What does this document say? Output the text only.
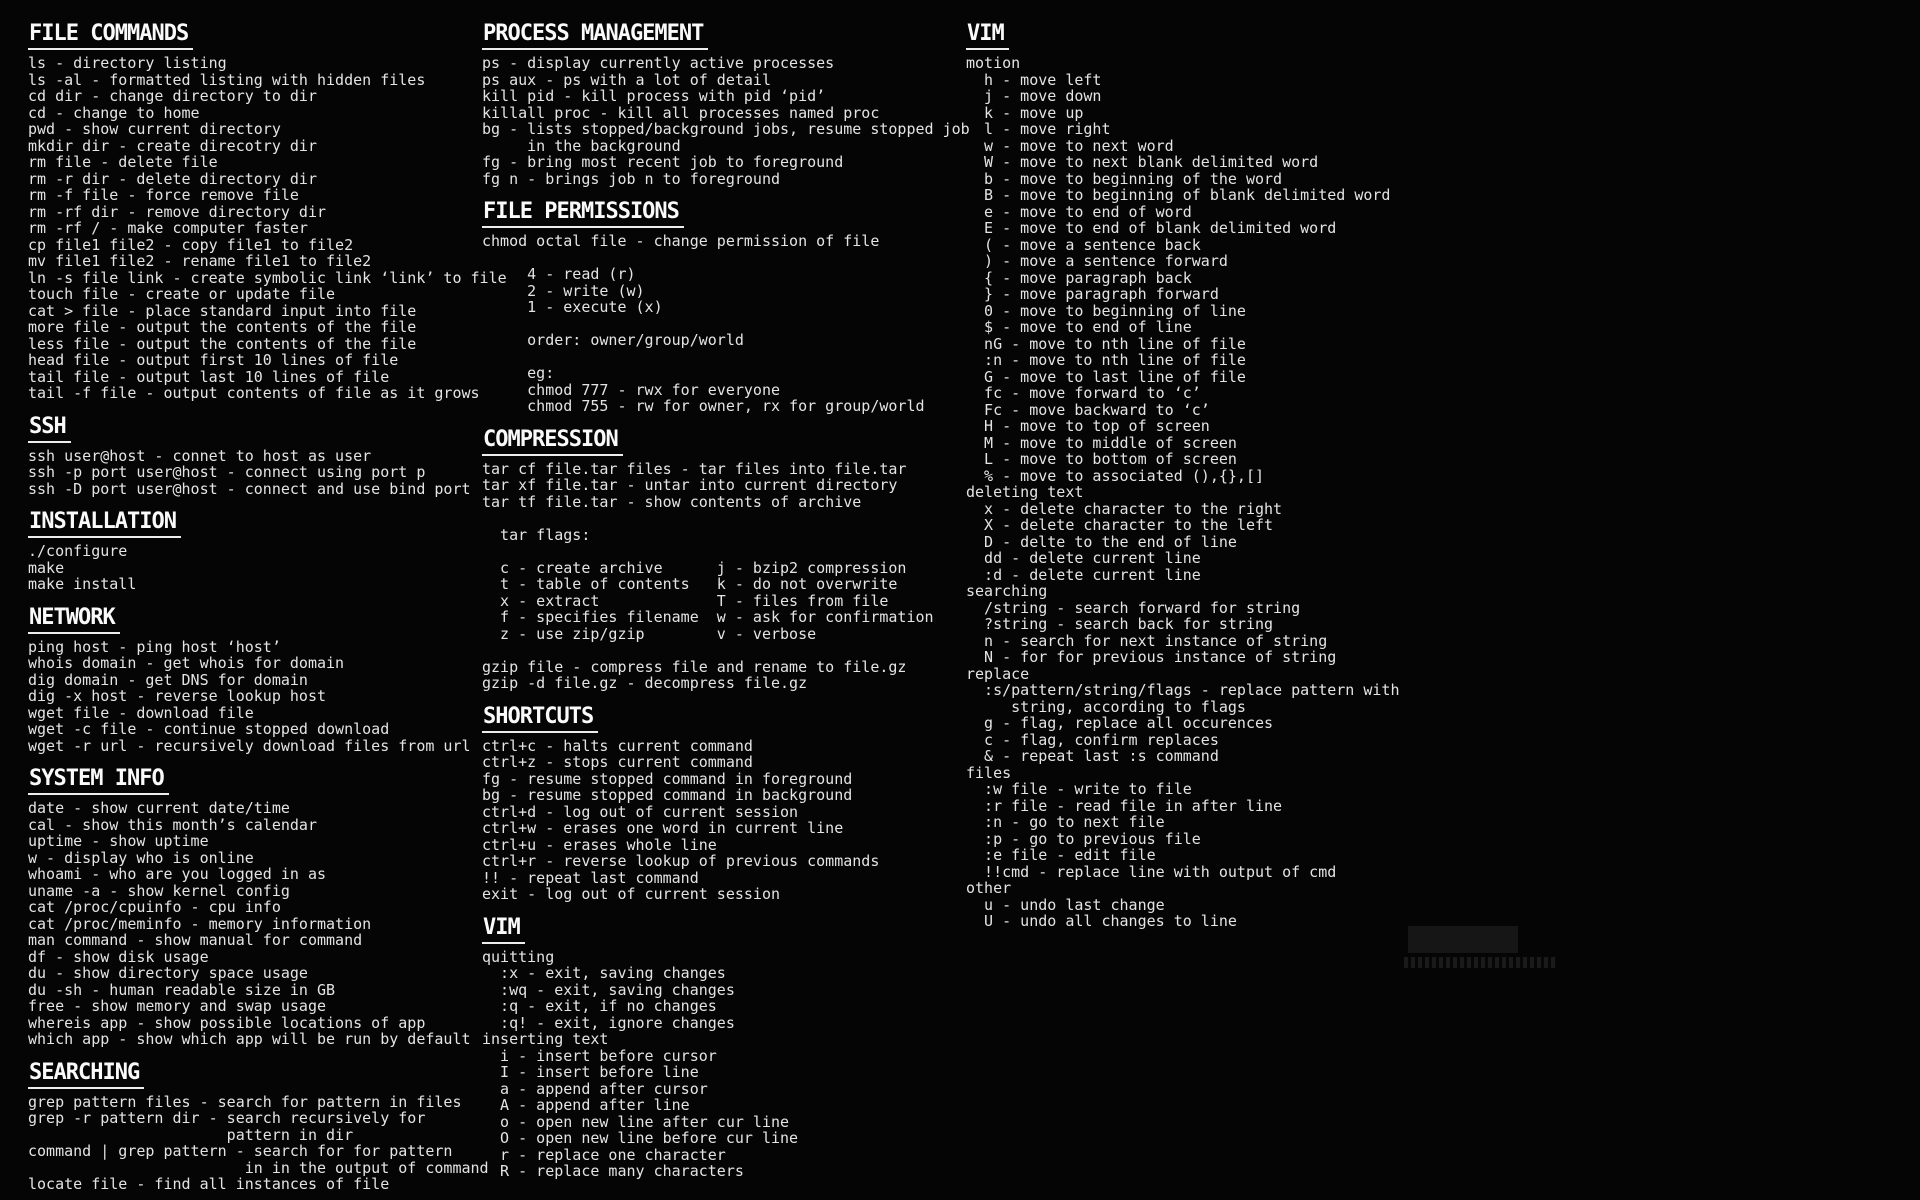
FILE COMMANDS
ls - directory listing
ls -al - formatted listing with hidden files
cd dir - change directory to dir
cd - change to home
pwd - show current directory
mkdir dir - create direcotry dir
rm file - delete file
rm -r dir - delete directory dir
rm -f file - force remove file
rm -rf dir - remove directory dir
rm -rf / - make computer faster
cp file1 file2 - copy file1 to file2
mv file1 file2 - rename file1 to file2
ln -s file link - create symbolic link ‘link’ to file
touch file - create or update file
cat > file - place standard input into file
more file - output the contents of the file
less file - output the contents of the file
head file - output first 10 lines of file
tail file - output last 10 lines of file
tail -f file - output contents of file as it grows
SSH
ssh user@host - connet to host as user
ssh -p port user@host - connect using port p
ssh -D port user@host - connect and use bind port
INSTALLATION
./configure
make
make install
NETWORK
ping host - ping host ‘host’
whois domain - get whois for domain
dig domain - get DNS for domain
dig -x host - reverse lookup host
wget file - download file
wget -c file - continue stopped download
wget -r url - recursively download files from url
SYSTEM INFO
date - show current date/time
cal - show this month’s calendar
uptime - show uptime
w - display who is online
whoami - who are you logged in as
uname -a - show kernel config
cat /proc/cpuinfo - cpu info
cat /proc/meminfo - memory information
man command - show manual for command
df - show disk usage
du - show directory space usage
du -sh - human readable size in GB
free - show memory and swap usage
whereis app - show possible locations of app
which app - show which app will be run by default
SEARCHING
grep pattern files - search for pattern in files
grep -r pattern dir - search recursively for
pattern in dir
command | grep pattern - search for for pattern
in in the output of command
locate file - find all instances of file
PROCESS MANAGEMENT
ps - display currently active processes
ps aux - ps with a lot of detail
kill pid - kill process with pid ‘pid’
killall proc - kill all processes named proc
bg - lists stopped/background jobs, resume stopped job
in the background
fg - bring most recent job to foreground
fg n - brings job n to foreground
FILE PERMISSIONS
chmod octal file - change permission of file
4 - read (r)
2 - write (w)
1 - execute (x)
order: owner/group/world
eg:
chmod 777 - rwx for everyone
chmod 755 - rw for owner, rx for group/world
COMPRESSION
tar cf file.tar files - tar files into file.tar
tar xf file.tar - untar into current directory
tar tf file.tar - show contents of archive
tar flags:
c - create archive      j - bzip2 compression
t - table of contents   k - do not overwrite
x - extract             T - files from file
f - specifies filename  w - ask for confirmation
z - use zip/gzip        v - verbose
gzip file - compress file and rename to file.gz
gzip -d file.gz - decompress file.gz
SHORTCUTS
ctrl+c - halts current command
ctrl+z - stops current command
fg - resume stopped command in foreground
bg - resume stopped command in background
ctrl+d - log out of current session
ctrl+w - erases one word in current line
ctrl+u - erases whole line
ctrl+r - reverse lookup of previous commands
!! - repeat last command
exit - log out of current session
VIM
quitting
:x - exit, saving changes
:wq - exit, saving changes
:q - exit, if no changes
:q! - exit, ignore changes
inserting text
i - insert before cursor
I - insert before line
a - append after cursor
A - append after line
o - open new line after cur line
O - open new line before cur line
r - replace one character
R - replace many characters
VIM
motion
h - move left
j - move down
k - move up
l - move right
w - move to next word
W - move to next blank delimited word
b - move to beginning of the word
B - move to beginning of blank delimited word
e - move to end of word
E - move to end of blank delimited word
( - move a sentence back
) - move a sentence forward
{ - move paragraph back
} - move paragraph forward
0 - move to beginning of line
$ - move to end of line
nG - move to nth line of file
:n - move to nth line of file
G - move to last line of file
fc - move forward to ‘c’
Fc - move backward to ‘c’
H - move to top of screen
M - move to middle of screen
L - move to bottom of screen
% - move to associated (),{},[]
deleting text
x - delete character to the right
X - delete character to the left
D - delte to the end of line
dd - delete current line
:d - delete current line
searching
/string - search forward for string
?string - search back for string
n - search for next instance of string
N - for for previous instance of string
replace
:s/pattern/string/flags - replace pattern with
string, according to flags
g - flag, replace all occurences
c - flag, confirm replaces
& - repeat last :s command
files
:w file - write to file
:r file - read file in after line
:n - go to next file
:p - go to previous file
:e file - edit file
!!cmd - replace line with output of cmd
other
u - undo last change
U - undo all changes to line
